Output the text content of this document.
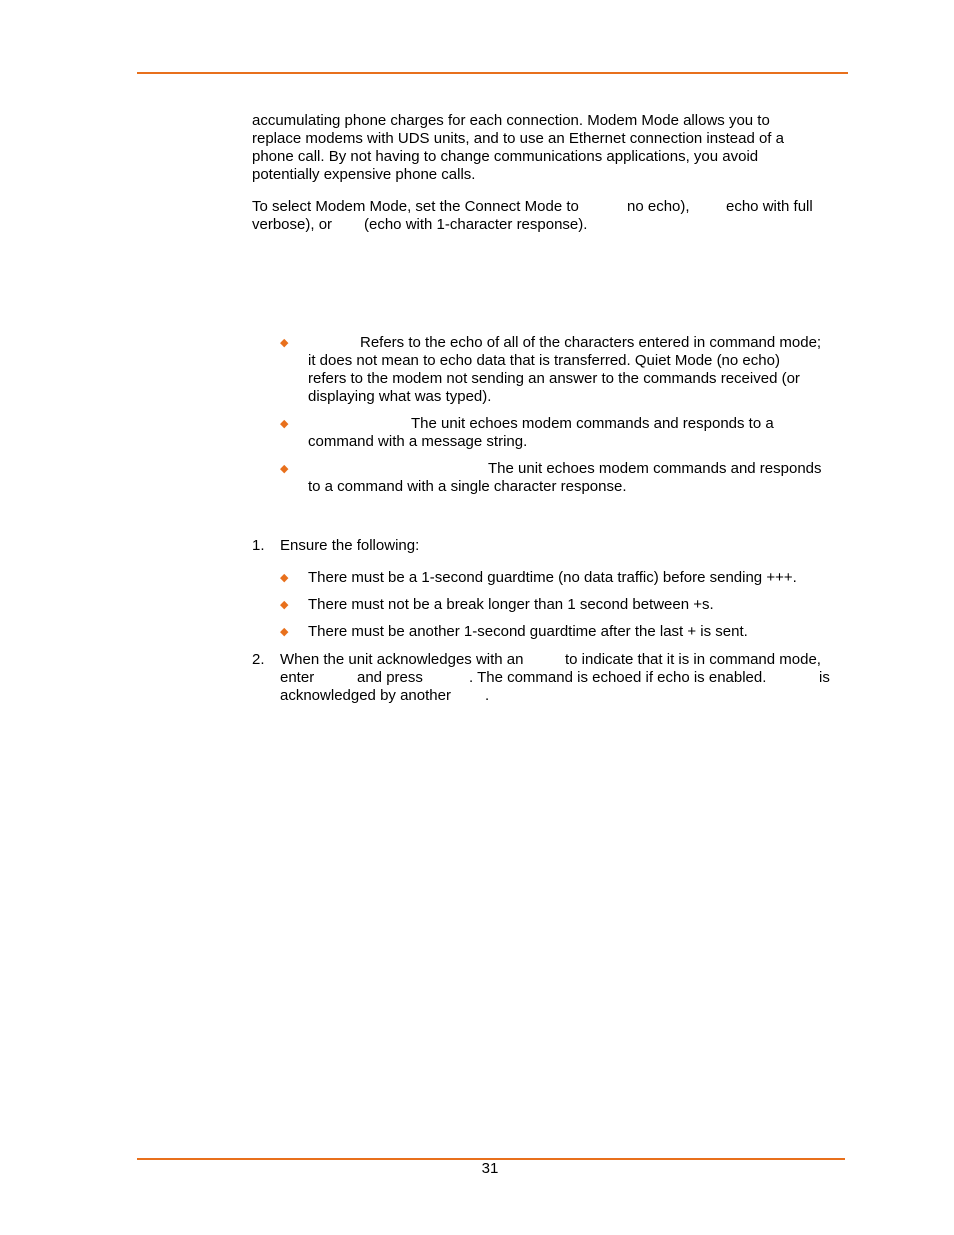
accumulating phone charges for each connection. Modem Mode allows you to
replace modems with UDS units, and to use an Ethernet connection instead of a
phone call. By not having to change communications applications, you avoid
potentially expensive phone calls.
To select Modem Mode, set the Connect Mode to	no echo), echo with full
verbose), or (echo with 1-character response).
◆	Refers to the echo of all of the characters entered in command mode;
it does not mean to echo data that is transferred. Quiet Mode (no echo)
refers to the modem not sending an answer to the commands received (or
displaying what was typed).
◆	The unit echoes modem commands and responds to a
command with a message string.
◆	The unit echoes modem commands and responds
to a command with a single character response.
1. Ensure the following:
◆ There must be a 1-second guardtime (no data traffic) before sending +++.
◆ There must not be a break longer than 1 second between +s.
◆ There must be another 1-second guardtime after the last + is sent.
2. When the unit acknowledges with an	to indicate that it is in command mode,
enter	and press	. The command is echoed if echo is enabled.	is
acknowledged by another .
31
